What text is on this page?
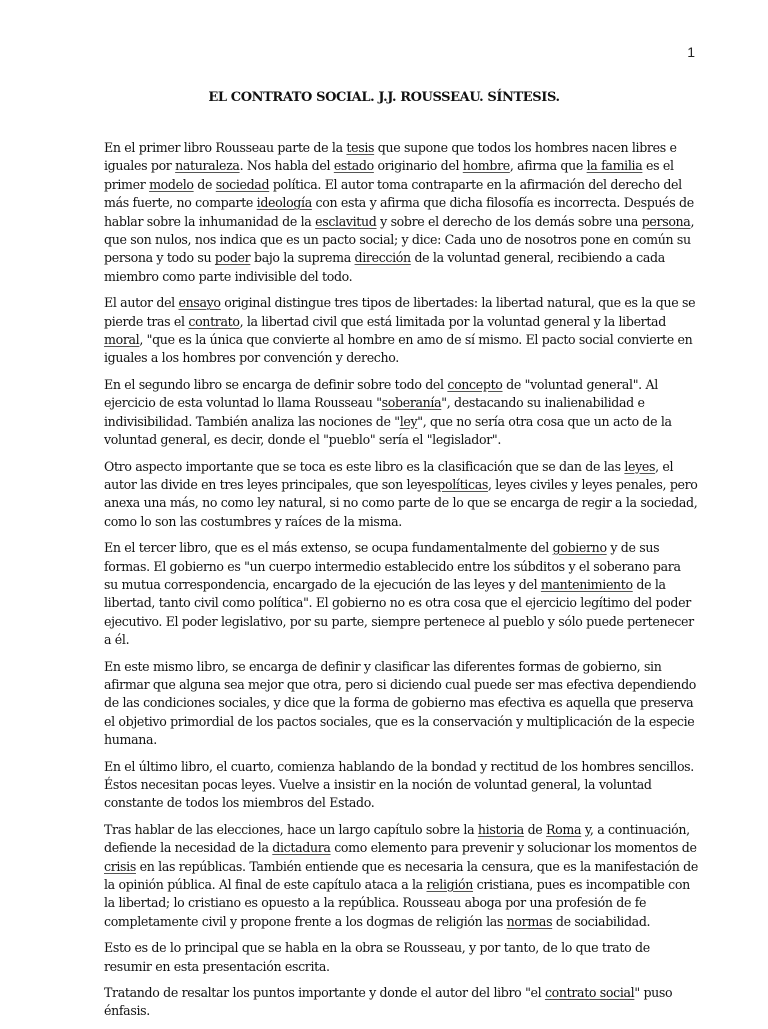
1
EL CONTRATO SOCIAL. J.J. ROUSSEAU. SÍNTESIS.

En el primer libro Rousseau parte de la tesis que supone que todos los hombres nacen libres e iguales por naturaleza. Nos habla del estado originario del hombre, afirma que la familia es el primer modelo de sociedad política. El autor toma contraparte en la afirmación del derecho del más fuerte, no comparte ideología con esta y afirma que dicha filosofía es incorrecta. Después de hablar sobre la inhumanidad de la esclavitud y sobre el derecho de los demás sobre una persona, que son nulos, nos indica que es un pacto social; y dice: Cada uno de nosotros pone en común su persona y todo su poder bajo la suprema dirección de la voluntad general, recibiendo a cada miembro como parte indivisible del todo.

El autor del ensayo original distingue tres tipos de libertades: la libertad natural, que es la que se pierde tras el contrato, la libertad civil que está limitada por la voluntad general y la libertad moral, "que es la única que convierte al hombre en amo de sí mismo. El pacto social convierte en iguales a los hombres por convención y derecho.

En el segundo libro se encarga de definir sobre todo del concepto de "voluntad general". Al ejercicio de esta voluntad lo llama Rousseau "soberanía", destacando su inalienabilidad e indivisibilidad. También analiza las nociones de "ley", que no sería otra cosa que un acto de la voluntad general, es decir, donde el "pueblo" sería el "legislador".

Otro aspecto importante que se toca es este libro es la clasificación que se dan de las leyes, el autor las divide en tres leyes principales, que son leyespolíticas, leyes civiles y leyes penales, pero anexa una más, no como ley natural, si no como parte de lo que se encarga de regir a la sociedad, como lo son las costumbres y raíces de la misma.

En el tercer libro, que es el más extenso, se ocupa fundamentalmente del gobierno y de sus formas. El gobierno es "un cuerpo intermedio establecido entre los súbditos y el soberano para su mutua correspondencia, encargado de la ejecución de las leyes y del mantenimiento de la libertad, tanto civil como política". El gobierno no es otra cosa que el ejercicio legítimo del poder ejecutivo. El poder legislativo, por su parte, siempre pertenece al pueblo y sólo puede pertenecer a él.

En este mismo libro, se encarga de definir y clasificar las diferentes formas de gobierno, sin afirmar que alguna sea mejor que otra, pero si diciendo cual puede ser mas efectiva dependiendo de las condiciones sociales, y dice que la forma de gobierno mas efectiva es aquella que preserva el objetivo primordial de los pactos sociales, que es la conservación y multiplicación de la especie humana.

En el último libro, el cuarto, comienza hablando de la bondad y rectitud de los hombres sencillos. Éstos necesitan pocas leyes. Vuelve a insistir en la noción de voluntad general, la voluntad constante de todos los miembros del Estado.

Tras hablar de las elecciones, hace un largo capítulo sobre la historia de Roma y, a continuación, defiende la necesidad de la dictadura como elemento para prevenir y solucionar los momentos de crisis en las repúblicas. También entiende que es necesaria la censura, que es la manifestación de la opinión pública. Al final de este capítulo ataca a la religión cristiana, pues es incompatible con la libertad; lo cristiano es opuesto a la república. Rousseau aboga por una profesión de fe completamente civil y propone frente a los dogmas de religión las normas de sociabilidad.

Esto es de lo principal que se habla en la obra se Rousseau, y por tanto, de lo que trato de resumir en esta presentación escrita.

Tratando de resaltar los puntos importante y donde el autor del libro "el contrato social" puso énfasis.
